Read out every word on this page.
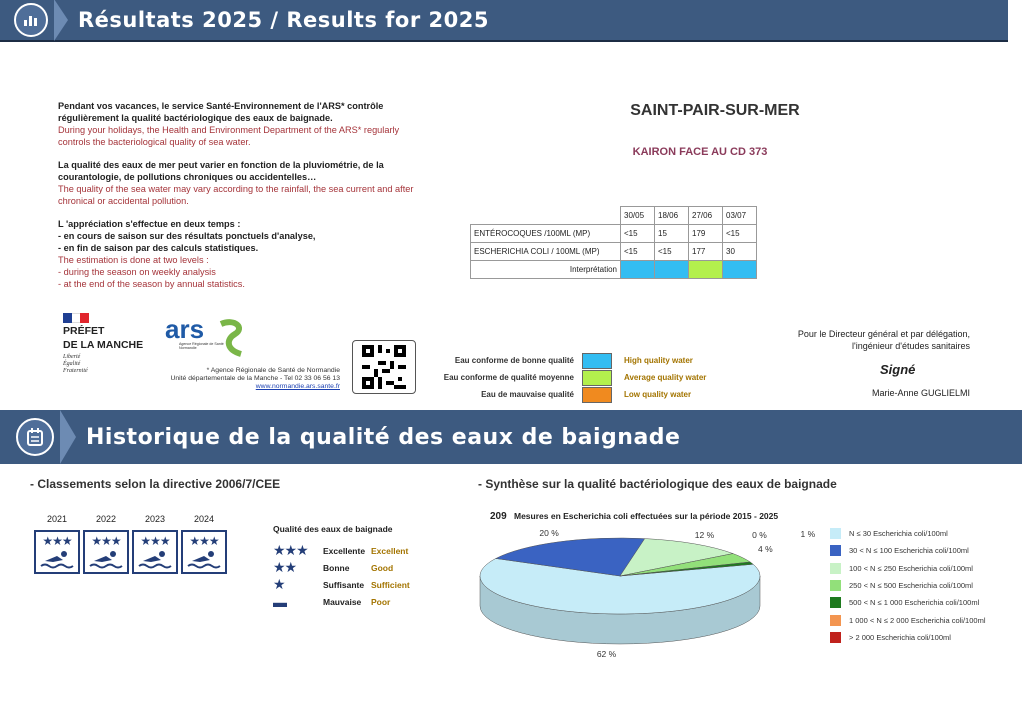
Résultats 2025 / Results for 2025

Pendant vos vacances, le service Santé-Environnement de l'ARS* contrôle régulièrement la qualité bactériologique des eaux de baignade.

During your holidays, the Health and Environment Department of the ARS* regularly controls the bacteriological quality of sea water.

La qualité des eaux de mer peut varier en fonction de la pluviométrie, de la courantologie, de pollutions chroniques ou accidentelles…

The quality of the sea water may vary according to the rainfall, the sea current and after chronical or accidental pollution.

L 'appréciation s'effectue en deux temps :

- en cours de saison sur des résultats ponctuels d'analyse,

- en fin de saison par des calculs statistiques.

The estimation is done at two levels :

- during the season on weekly analysis

- at the end of the season by annual statistics.

PRÉFET
DE LA MANCHE
Liberté
Égalité
Fraternité
ars
Agence Régionale de Santé
Normandie
* Agence Régionale de Santé de Normandie
Unité départementale de la Manche - Tel 02 33 06 56 13
www.normandie.ars.sante.fr
SAINT-PAIR-SUR-MER
KAIRON FACE AU CD 373
	30/05	18/06	27/06	03/07
ENTÉROCOQUES /100ML (MP)	<15	15	179	<15
ESCHERICHIA COLI / 100ML (MP)	<15	<15	177	30
Interprétation				
Eau conforme de bonne qualité	High quality water
Eau conforme de qualité moyenne	Average quality water
Eau de mauvaise qualité	Low quality water
Pour le Directeur général et par délégation,
l'ingénieur d'études sanitaires
Signé
Marie-Anne GUGLIELMI
Historique de la qualité des eaux de baignade
- Classements selon la directive 2006/7/CEE
2021
★★★
2022
★★★
2023
★★★
2024
★★★
Qualité des eaux de baignade
★★★	Excellente Excellent
★★	Bonne	Good
★	Suffisante Sufficient
▬	Mauvaise	Poor
- Synthèse sur la qualité bactériologique des eaux de baignade
209 Mesures en Escherichia coli effectuées sur la période 2015 - 2025
62 %
20 %	12 %
4 %
1 %
0 %	N ≤ 30 Escherichia coli/100ml
30 < N ≤ 100 Escherichia coli/100ml
100 < N ≤ 250 Escherichia coli/100ml
250 < N ≤ 500 Escherichia coli/100ml
500 < N ≤ 1 000 Escherichia coli/100ml
1 000 < N ≤ 2 000 Escherichia coli/100ml
> 2 000 Escherichia coli/100ml
